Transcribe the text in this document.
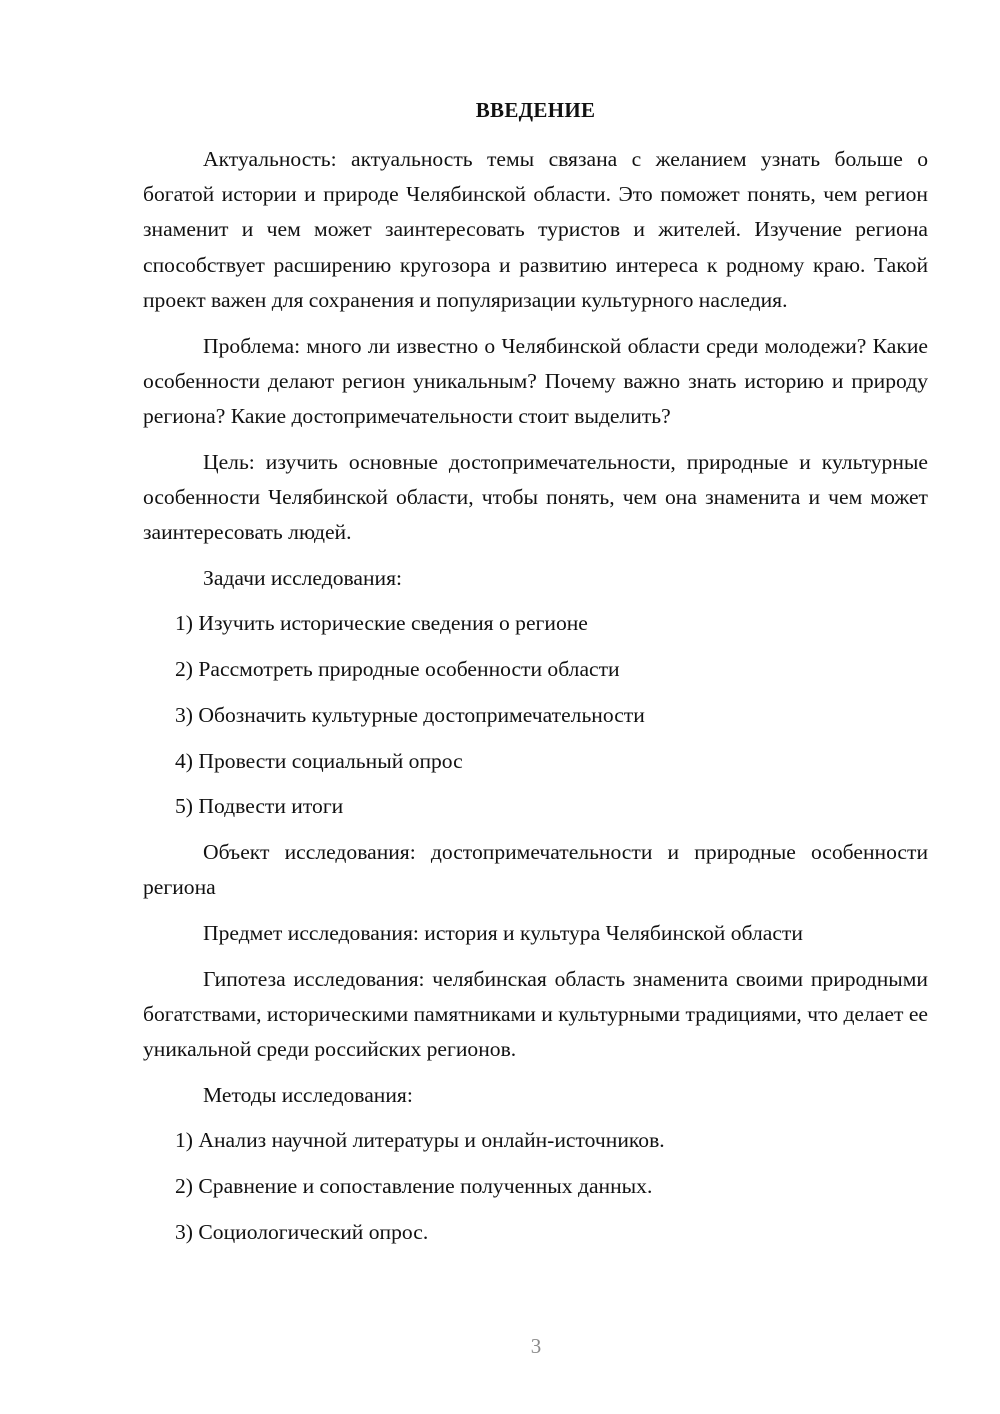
ВВЕДЕНИЕ

Актуальность: актуальность темы связана с желанием узнать больше о богатой истории и природе Челябинской области. Это поможет понять, чем регион знаменит и чем может заинтересовать туристов и жителей. Изучение региона способствует расширению кругозора и развитию интереса к родному краю. Такой проект важен для сохранения и популяризации культурного наследия.

Проблема: много ли известно о Челябинской области среди молодежи? Какие особенности делают регион уникальным? Почему важно знать историю и природу региона? Какие достопримечательности стоит выделить?

Цель: изучить основные достопримечательности, природные и культурные особенности Челябинской области, чтобы понять, чем она знаменита и чем может заинтересовать людей.

Задачи исследования:

1) Изучить исторические сведения о регионе
2) Рассмотреть природные особенности области
3) Обозначить культурные достопримечательности
4) Провести социальный опрос
5) Подвести итоги

Объект исследования: достопримечательности и природные особенности региона

Предмет исследования: история и культура Челябинской области

Гипотеза исследования: челябинская область знаменита своими природными богатствами, историческими памятниками и культурными традициями, что делает ее уникальной среди российских регионов.

Методы исследования:

1) Анализ научной литературы и онлайн-источников.
2) Сравнение и сопоставление полученных данных.
3) Социологический опрос.
3
